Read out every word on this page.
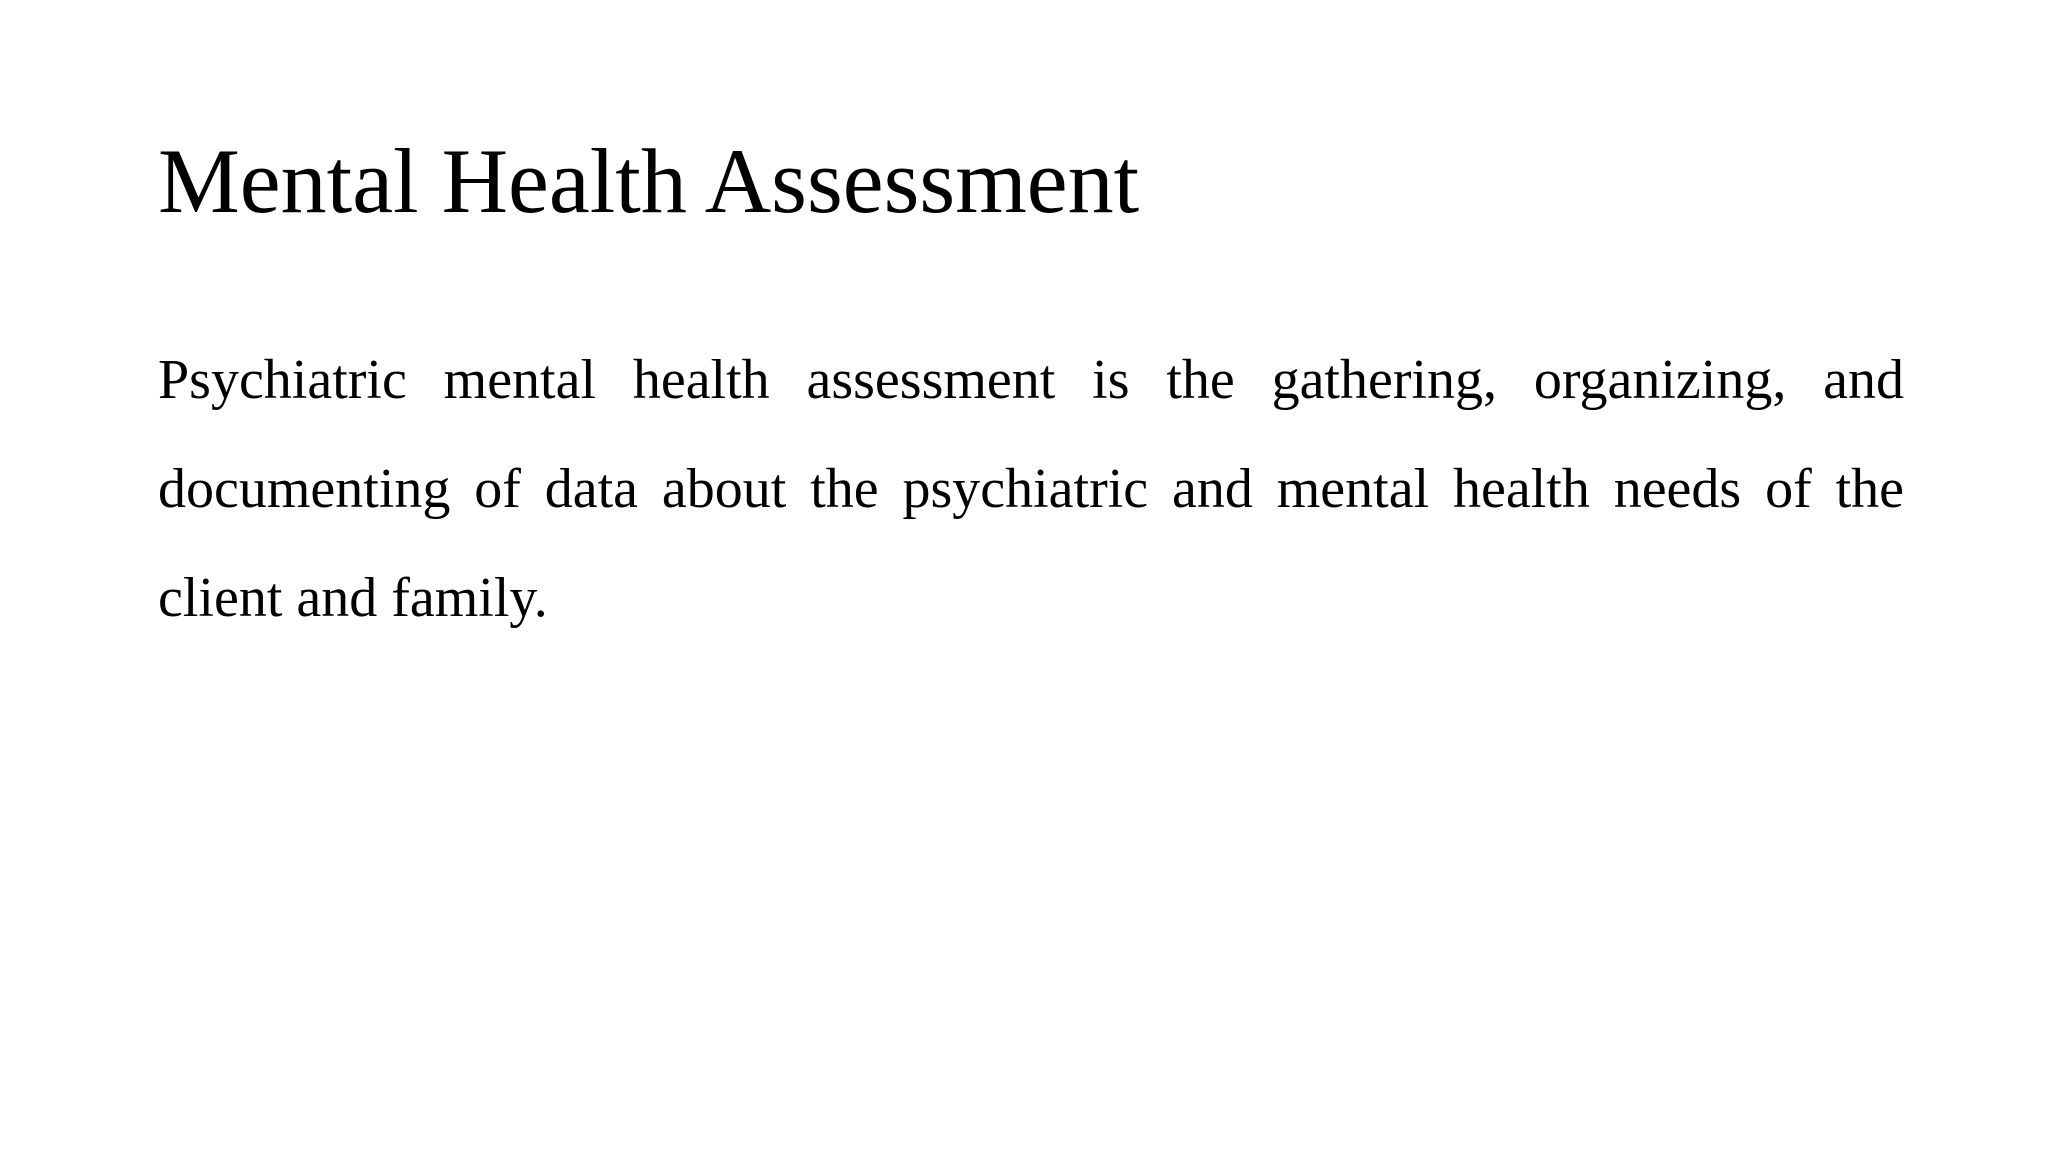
Mental Health Assessment

Psychiatric mental health assessment is the gathering, organizing, and documenting of data about the psychiatric and mental health needs of the client and family.
